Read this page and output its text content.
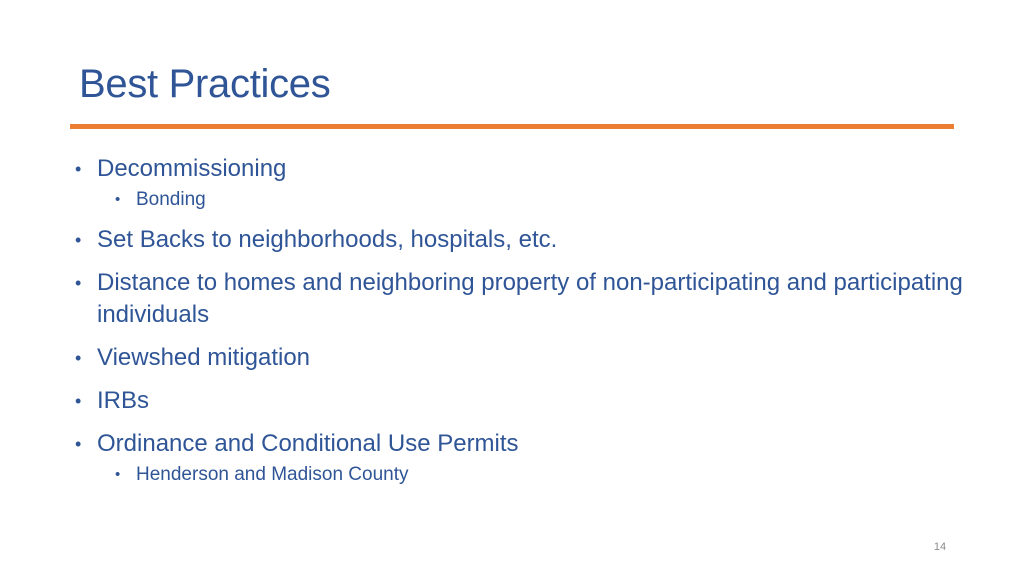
Best Practices
• Decommissioning
• Bonding
• Set Backs to neighborhoods, hospitals, etc.
• Distance to homes and neighboring property of non-participating and participating individuals
• Viewshed mitigation
• IRBs
• Ordinance and Conditional Use Permits
• Henderson and Madison County
14
